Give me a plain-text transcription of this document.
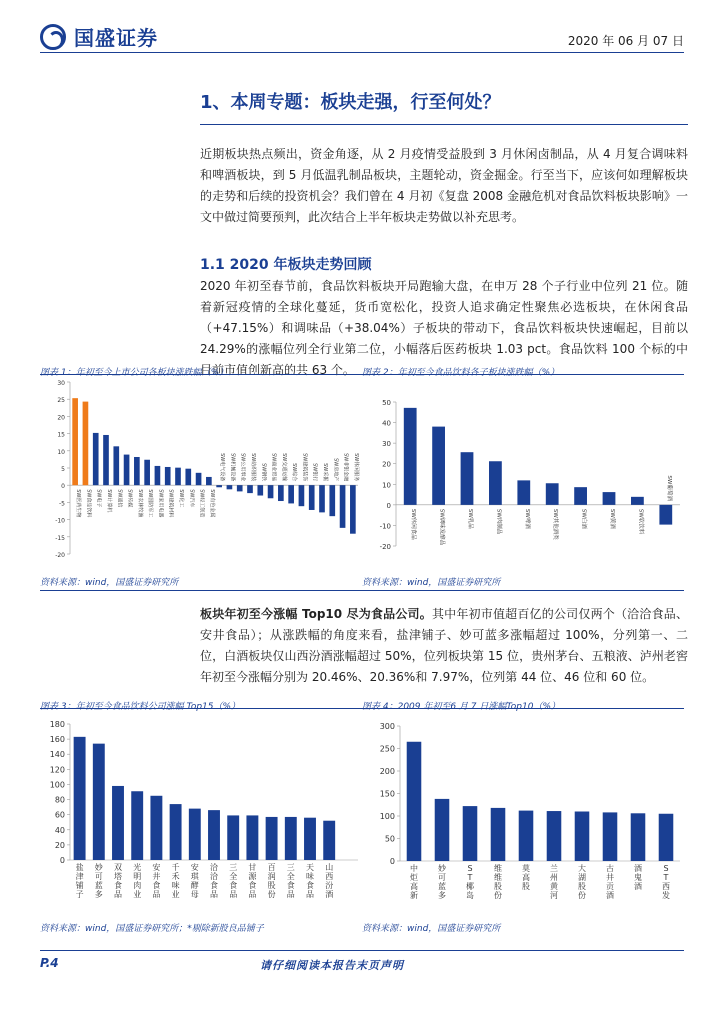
国盛证券	2020 年 06 月 07 日
1、本周专题：板块走强，行至何处？
近期板块热点频出，资金角逐，从 2 月疫情受益股到 3 月休闲卤制品，从 4 月复合调味料和啤酒板块，到 5 月低温乳制品板块，主题轮动，资金掘金。行至当下，应该何如理解板块的走势和后续的投资机会？我们曾在 4 月初《复盘 2008 金融危机对食品饮料板块影响》一文中做过简要预判，此次结合上半年板块走势做以补充思考。
1.1 2020 年板块走势回顾
2020 年初至春节前，食品饮料板块开局跑输大盘，在申万 28 个子行业中位列 21 位。随着新冠疫情的全球化蔓延，货币宽松化，投资人追求确定性聚焦必选板块，在休闲食品（+47.15%）和调味品（+38.04%）子板块的带动下，食品饮料板块快速崛起，目前以 24.29%的涨幅位列全行业第二位，小幅落后医药板块 1.03 pct。食品饮料 100 个标的中目前市值创新高的共 63 个。
图表 1：年初至今上市公司各板块涨跌幅（%）
-20
-15
-10
-5
0
5
10
15
20
25
30
SW医药生物 SW食品饮料 SW电子 SW计算机 SW通信 SW传媒 SW农林牧渔 SW国防军工 SW家用电器 SW建筑材料 SW化工 SW汽车 SW轻工制造 SW有色金属
SW电气设备 SW机械设备 SW公用事业 SW纺织服装 SW钢铁 SW商业贸易 SW交通运输 SW综合 SW建筑装饰 SW银行 SW采掘 SW房地产 SW非银金融 SW休闲服务
资料来源：wind，国盛证券研究所
图表 2：年初至今食品饮料各子板块涨跌幅（%）
-20
-10
0
10
20
30
40
50
SW休闲食品	SW调味发酵品	SW乳品	SW肉制品	SW啤酒	SW其他酒类	SW白酒	SW黄酒	SW软饮料
SW葡萄酒
资料来源：wind，国盛证券研究所
板块年初至今涨幅 Top10 尽为食品公司。其中年初市值超百亿的公司仅两个（洽洽食品、安井食品）；从涨跌幅的角度来看，盐津铺子、妙可蓝多涨幅超过 100%，分列第一、二位，白酒板块仅山西汾酒涨幅超过 50%，位列板块第 15 位，贵州茅台、五粮液、泸州老窖年初至今涨幅分别为 20.46%、20.36%和 7.97%，位列第 44 位、46 位和 60 位。
图表 3：年初至今食品饮料公司涨幅 Top15（%）
0
20
40
60
80
100
120
140
160
180
盐津铺子
妙可蓝多
双塔食品
光明肉业
安井食品
千禾味业
安琪酵母
洽洽食品
三全食品
甘源食品
百润股份
三全食品
天味食品
山西汾酒
资料来源：wind，国盛证券研究所；*剔除新股良品铺子
图表 4：2009 年初至6 月 7 日涨幅Top10（%）
0
50
100
150
200
250
300
中炬高新
妙可蓝多
S T 椰岛
维维股份
莫高股
兰州黄河
大湖股份
古井贡酒
酒鬼酒
S T 西发
资料来源：wind，国盛证券研究所
P.4	请仔细阅读本报告末页声明
